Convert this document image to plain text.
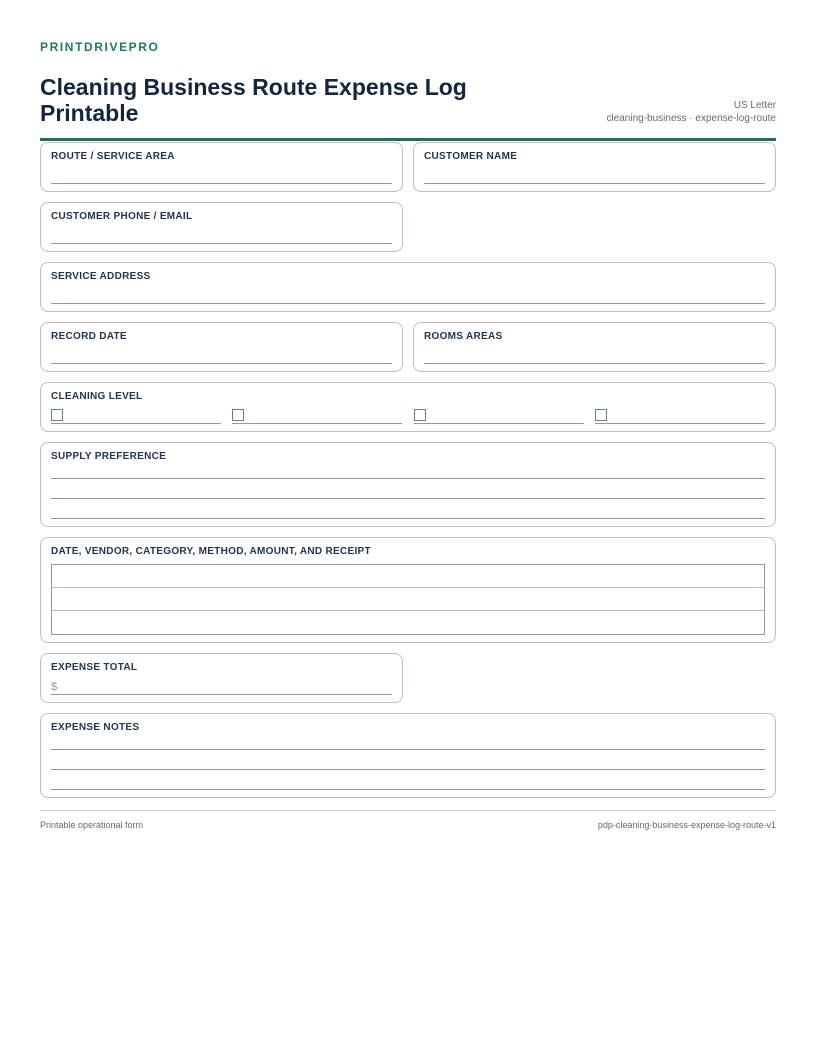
PRINTDRIVEPRO
Cleaning Business Route Expense Log Printable	US Letter
cleaning-business · expense-log-route
ROUTE / SERVICE AREA	CUSTOMER NAME
CUSTOMER PHONE / EMAIL
SERVICE ADDRESS
RECORD DATE	ROOMS AREAS
CLEANING LEVEL
SUPPLY PREFERENCE
DATE, VENDOR, CATEGORY, METHOD, AMOUNT, AND RECEIPT
EXPENSE TOTAL
$
EXPENSE NOTES
Printable operational form	pdp-cleaning-business-expense-log-route-v1
